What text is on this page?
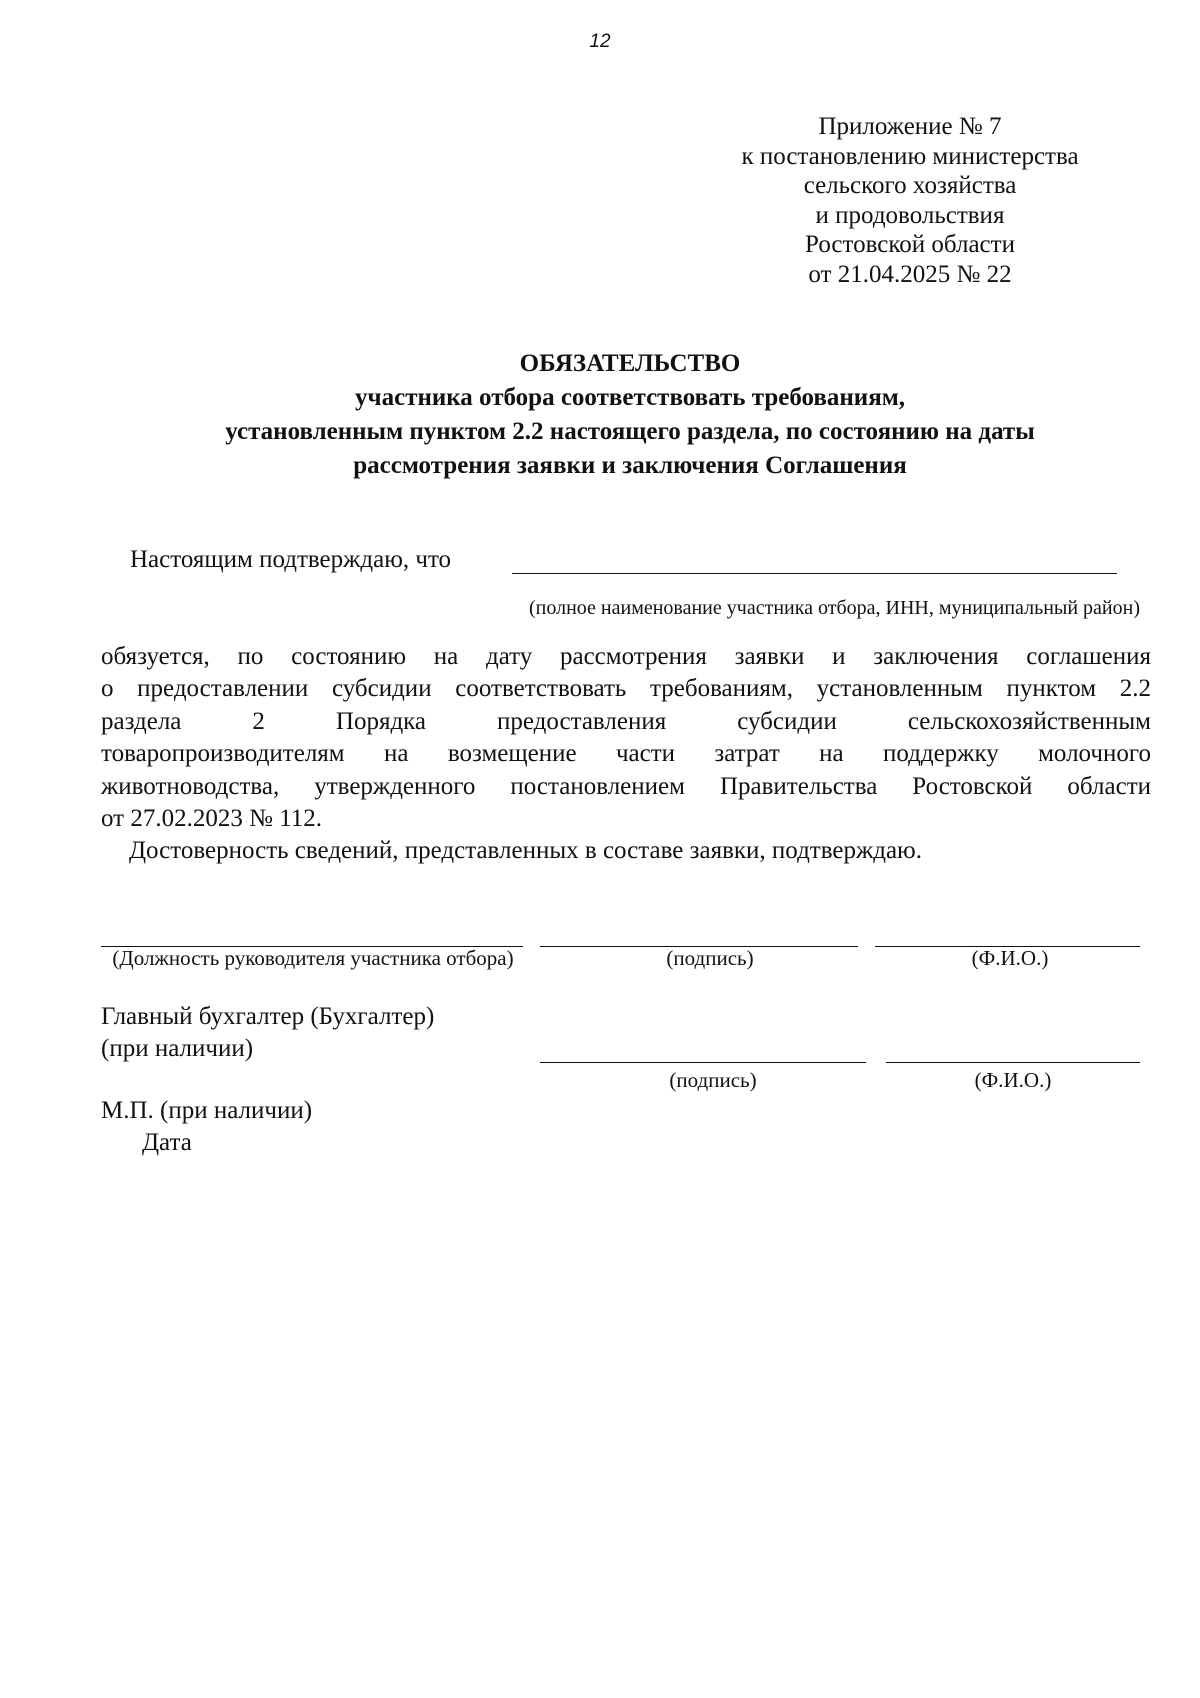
12
Приложение № 7
к постановлению министерства
сельского хозяйства
и продовольствия
Ростовской области
от 21.04.2025 № 22
ОБЯЗАТЕЛЬСТВО
участника отбора соответствовать требованиям,
установленным пунктом 2.2 настоящего раздела, по состоянию на даты
рассмотрения заявки и заключения Соглашения
Настоящим подтверждаю, что
(полное наименование участника отбора, ИНН, муниципальный район)
обязуется, по состоянию на дату рассмотрения заявки и заключения соглашения
о предоставлении субсидии соответствовать требованиям, установленным пунктом 2.2
раздела 2 Порядка предоставления субсидии сельскохозяйственным
товаропроизводителям на возмещение части затрат на поддержку молочного
животноводства, утвержденного постановлением Правительства Ростовской области
от 27.02.2023 № 112.
Достоверность сведений, представленных в составе заявки, подтверждаю.
(Должность руководителя участника отбора)	(подпись)	(Ф.И.О.)
Главный бухгалтер (Бухгалтер)
(при наличии)
(подпись)	(Ф.И.О.)
М.П. (при наличии)
Дата
